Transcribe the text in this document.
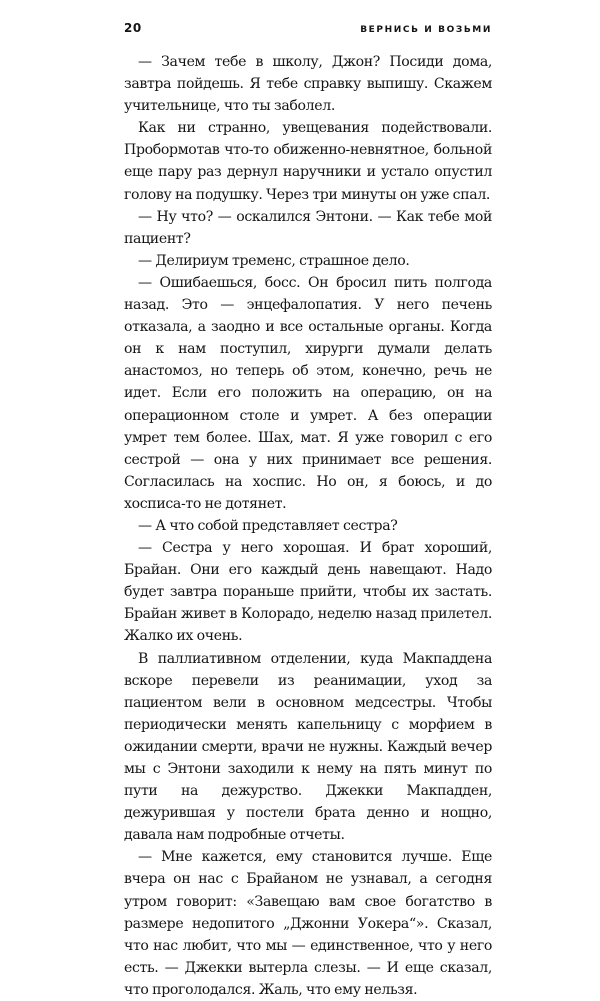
20	ВЕРНИСЬ И ВОЗЬМИ

— Зачем тебе в школу, Джон? Посиди дома, завтра пойдешь. Я тебе справку выпишу. Скажем учительнице, что ты заболел.

Как ни странно, увещевания подействовали. Пробормотав что-то обиженно-невнятное, больной еще пару раз дернул наручники и устало опустил голову на подушку. Через три минуты он уже спал.

— Ну что? — оскалился Энтони. — Как тебе мой пациент?

— Делириум тременс, страшное дело.

— Ошибаешься, босс. Он бросил пить полгода назад. Это — энцефалопатия. У него печень отказала, а заодно и все остальные органы. Когда он к нам поступил, хирурги думали делать анастомоз, но теперь об этом, конечно, речь не идет. Если его положить на операцию, он на операционном столе и умрет. А без операции умрет тем более. Шах, мат. Я уже говорил с его сестрой — она у них принимает все решения. Согласилась на хоспис. Но он, я боюсь, и до хосписа-то не дотянет.

— А что собой представляет сестра?

— Сестра у него хорошая. И брат хороший, Брайан. Они его каждый день навещают. Надо будет завтра пораньше прийти, чтобы их застать. Брайан живет в Колорадо, неделю назад прилетел. Жалко их очень.

В паллиативном отделении, куда Макпаддена вскоре перевели из реанимации, уход за пациентом вели в основном медсестры. Чтобы периодически менять капельницу с морфием в ожидании смерти, врачи не нужны. Каждый вечер мы с Энтони заходили к нему на пять минут по пути на дежурство. Джекки Макпадден, дежурившая у постели брата денно и нощно, давала нам подробные отчеты.

— Мне кажется, ему становится лучше. Еще вчера он нас с Брайаном не узнавал, а сегодня утром говорит: «Завещаю вам свое богатство в размере недопитого „Джонни Уокера“». Сказал, что нас любит, что мы — единственное, что у него есть. — Джекки вытерла слезы. — И еще сказал, что проголодался. Жаль, что ему нельзя.
